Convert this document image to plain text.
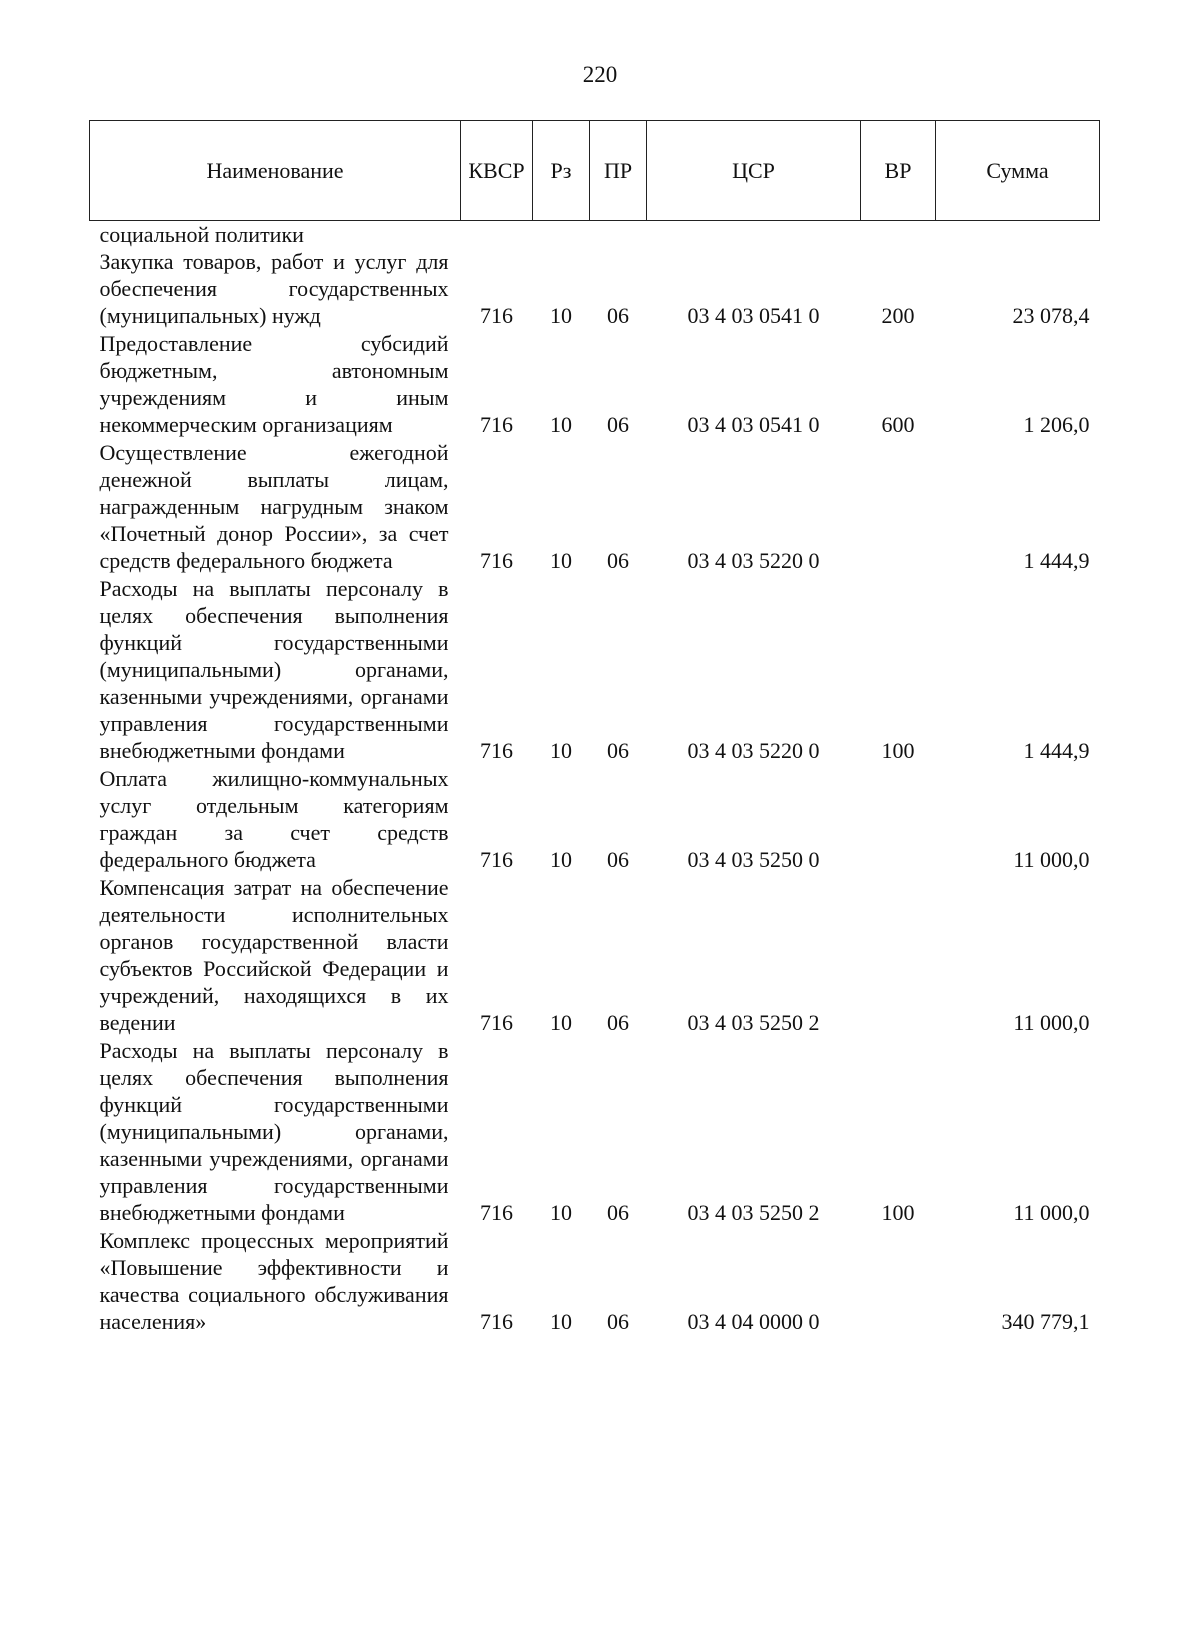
220
Наименование	КВСР	Рз	ПР	ЦСР	ВР	Сумма
социальной политики						
Закупка товаров, работ и услуг для обеспечения государственных (муниципальных) нужд	716	10	06	03 4 03 0541 0	200	23 078,4
Предоставление субсидий бюджетным, автономным учреждениям и иным некоммерческим организациям	716	10	06	03 4 03 0541 0	600	1 206,0
Осуществление ежегодной денежной выплаты лицам, награжденным нагрудным знаком «Почетный донор России», за счет средств федерального бюджета	716	10	06	03 4 03 5220 0		1 444,9
Расходы на выплаты персоналу в целях обеспечения выполнения функций государственными (муниципальными) органами, казенными учреждениями, органами управления государственными внебюджетными фондами	716	10	06	03 4 03 5220 0	100	1 444,9
Оплата жилищно-коммунальных услуг отдельным категориям граждан за счет средств федерального бюджета	716	10	06	03 4 03 5250 0		11 000,0
Компенсация затрат на обеспечение деятельности исполнительных органов государственной власти субъектов Российской Федерации и учреждений, находящихся в их ведении	716	10	06	03 4 03 5250 2		11 000,0
Расходы на выплаты персоналу в целях обеспечения выполнения функций государственными (муниципальными) органами, казенными учреждениями, органами управления государственными внебюджетными фондами	716	10	06	03 4 03 5250 2	100	11 000,0
Комплекс процессных мероприятий «Повышение эффективности и качества социального обслуживания населения»	716	10	06	03 4 04 0000 0		340 779,1
